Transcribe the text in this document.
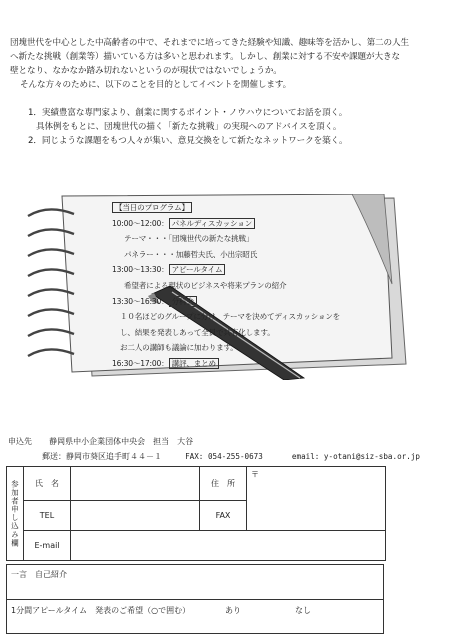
団塊世代を中心とした中高齢者の中で、それまでに培ってきた経験や知識、趣味等を活かし、第二の人生

へ新たな挑戦（創業等）描いている方は多いと思われます。しかし、創業に対する不安や課題が大きな

壁となり、なかなか踏み切れないというのが現状ではないでしょうか。

そんな方々のために、以下のことを目的としてイベントを開催します。

1．実績豊富な専門家より、創業に関するポイント・ノウハウについてお話を頂く。

具体例をもとに、団塊世代の描く「新たな挑戦」の実現へのアドバイスを頂く。

2．同じような課題をもつ人々が集い、意見交換をして新たなネットワークを築く。

【当日のプログラム】
10:00～12:00： パネルディスカッション
テーマ・・・「団塊世代の新たな挑戦」
パネラー・・・加藤哲夫氏、小出宗昭氏
13:00～13:30： アピールタイム
希望者による現状のビジネスや将来プランの紹介
13:30～16:30： 分科会
１０名ほどのグループに分け、テーマを決めてディスカッションを
し、結果を発表しあって全員で共有化します。
お二人の講師も議論に加わります。
16:30～17:00： 講評、まとめ
申込先 静岡県中小企業団体中央会　担当　大谷
郵送：静岡市葵区追手町４４－１	FAX: 054-255-0673	email: y-otani@siz-sba.or.jp
参加者申し込み欄	氏　名		住　所	〒
	TEL		FAX	
	E-mail			
一言　自己紹介
1分間アピールタイム　発表のご希望（○で囲む）	あり	なし
